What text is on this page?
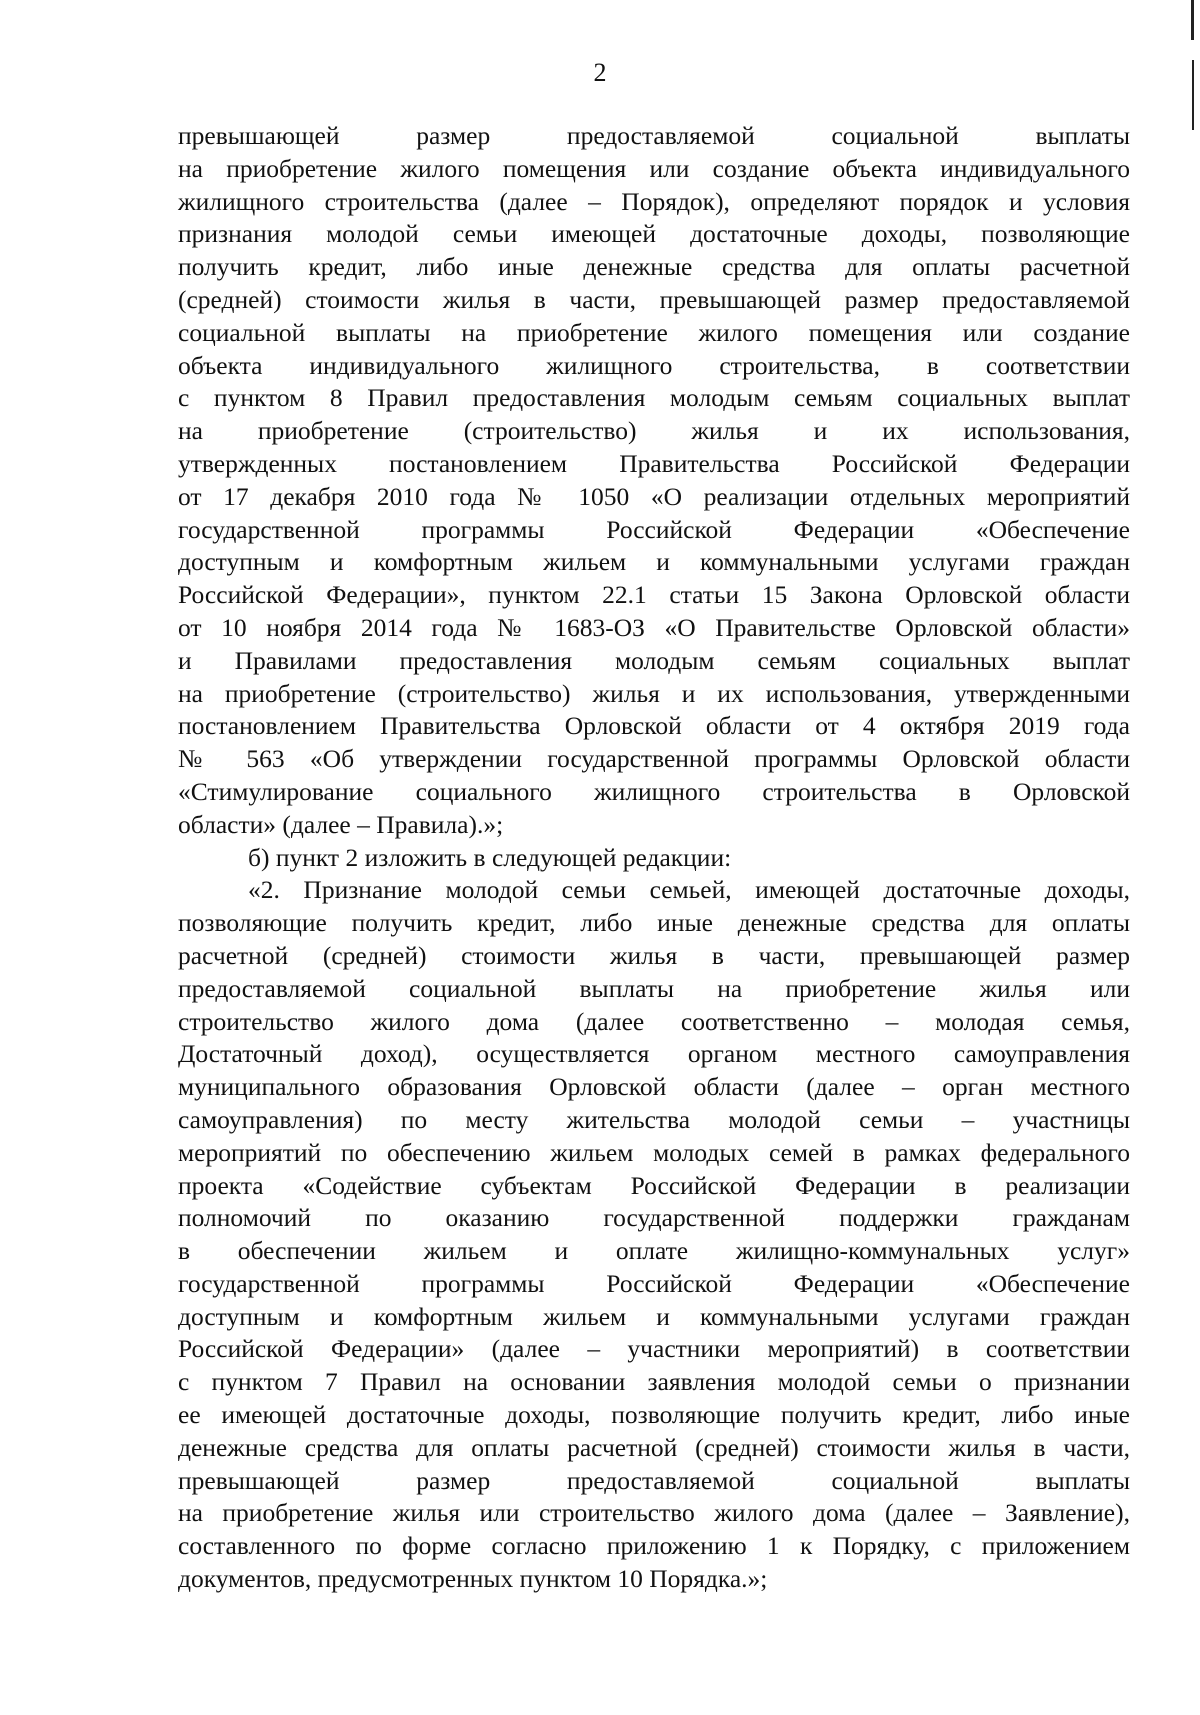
2
превышающей размер предоставляемой социальной выплаты
на приобретение жилого помещения или создание объекта индивидуального
жилищного строительства (далее – Порядок), определяют порядок и условия
признания молодой семьи имеющей достаточные доходы, позволяющие
получить кредит, либо иные денежные средства для оплаты расчетной
(средней) стоимости жилья в части, превышающей размер предоставляемой
социальной выплаты на приобретение жилого помещения или создание
объекта индивидуального жилищного строительства, в соответствии
с пунктом 8 Правил предоставления молодым семьям социальных выплат
на приобретение (строительство) жилья и их использования,
утвержденных постановлением Правительства Российской Федерации
от 17 декабря 2010 года № 1050 «О реализации отдельных мероприятий
государственной программы Российской Федерации «Обеспечение
доступным и комфортным жильем и коммунальными услугами граждан
Российской Федерации», пунктом 22.1 статьи 15 Закона Орловской области
от 10 ноября 2014 года № 1683-ОЗ «О Правительстве Орловской области»
и Правилами предоставления молодым семьям социальных выплат
на приобретение (строительство) жилья и их использования, утвержденными
постановлением Правительства Орловской области от 4 октября 2019 года
№ 563 «Об утверждении государственной программы Орловской области
«Стимулирование социального жилищного строительства в Орловской
области» (далее – Правила).»;
б) пункт 2 изложить в следующей редакции:
«2. Признание молодой семьи семьей, имеющей достаточные доходы,
позволяющие получить кредит, либо иные денежные средства для оплаты
расчетной (средней) стоимости жилья в части, превышающей размер
предоставляемой социальной выплаты на приобретение жилья или
строительство жилого дома (далее соответственно – молодая семья,
Достаточный доход), осуществляется органом местного самоуправления
муниципального образования Орловской области (далее – орган местного
самоуправления) по месту жительства молодой семьи – участницы
мероприятий по обеспечению жильем молодых семей в рамках федерального
проекта «Содействие субъектам Российской Федерации в реализации
полномочий по оказанию государственной поддержки гражданам
в обеспечении жильем и оплате жилищно-коммунальных услуг»
государственной программы Российской Федерации «Обеспечение
доступным и комфортным жильем и коммунальными услугами граждан
Российской Федерации» (далее – участники мероприятий) в соответствии
с пунктом 7 Правил на основании заявления молодой семьи о признании
ее имеющей достаточные доходы, позволяющие получить кредит, либо иные
денежные средства для оплаты расчетной (средней) стоимости жилья в части,
превышающей размер предоставляемой социальной выплаты
на приобретение жилья или строительство жилого дома (далее – Заявление),
составленного по форме согласно приложению 1 к Порядку, с приложением
документов, предусмотренных пунктом 10 Порядка.»;
